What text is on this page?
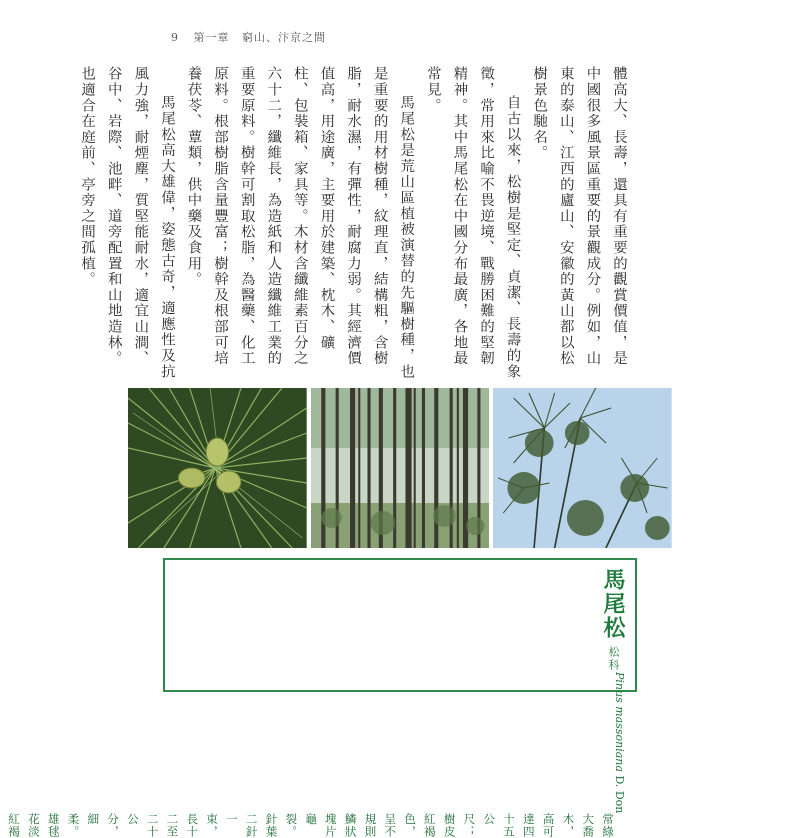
9 第一章 窮山、汴京之間

體高大、長壽，還具有重要的觀賞價值，是中國很多風景區重要的景觀成分。例如，山東的泰山、江西的廬山、安徽的黃山都以松樹景色馳名。

自古以來，松樹是堅定、貞潔、長壽的象徵，常用來比喻不畏逆境、戰勝困難的堅韌精神。其中馬尾松在中國分布最廣，各地最常見。

馬尾松是荒山區植被演替的先驅樹種，也是重要的用材樹種，紋理直，結構粗，含樹脂，耐水濕，有彈性，耐腐力弱。其經濟價值高，用途廣，主要用於建築、枕木、礦柱、包裝箱、家具等。木材含纖維素百分之六十二，纖維長，為造紙和人造纖維工業的重要原料。樹幹可割取松脂，為醫藥、化工原料。根部樹脂含量豐富；樹幹及根部可培養茯苓、蕈類，供中藥及食用。

馬尾松高大雄偉，姿態古奇，適應性及抗風力強，耐煙塵，質堅能耐水，適宜山澗、谷中、岩際、池畔、道旁配置和山地造林。也適合在庭前、亭旁之間孤植。

馬尾松松科
Pinus massoniana D. Don
常綠大喬木，高可達四十五公尺；樹皮紅褐色，呈不規則鱗狀塊片龜裂。針葉二針一束，長十二至二十公分，細柔。雄毬花淡紅褐
